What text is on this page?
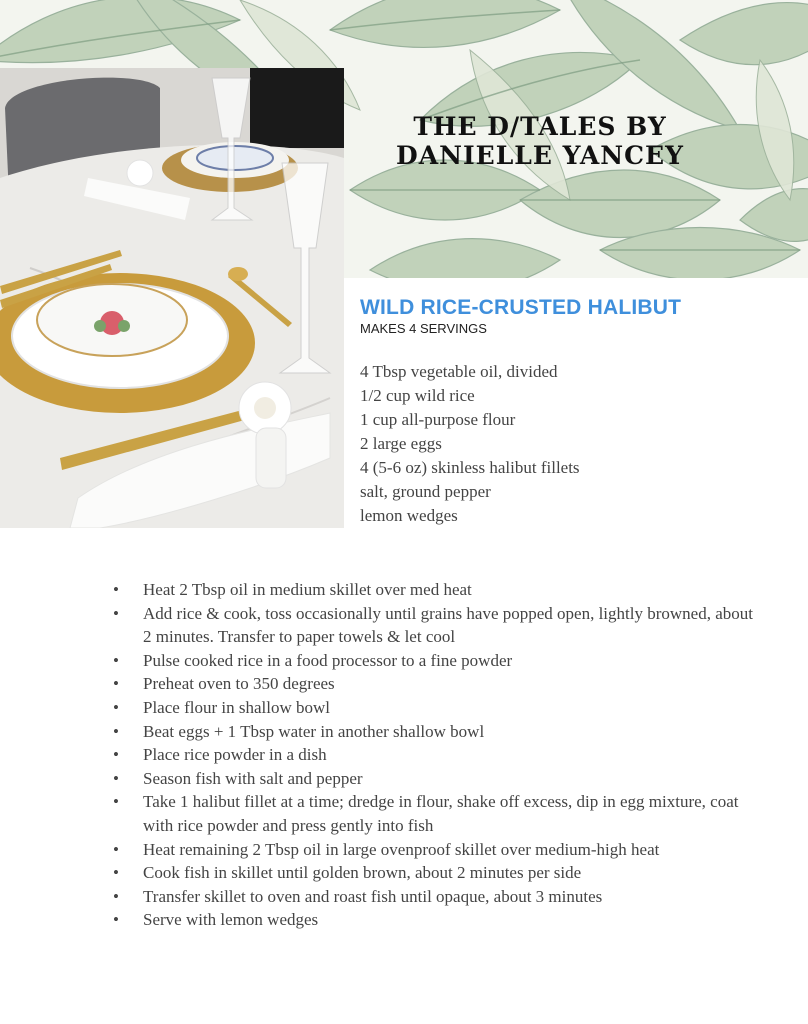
THE D/TALES BY
DANIELLE YANCEY
WILD RICE-CRUSTED HALIBUT
MAKES 4 SERVINGS
4 Tbsp vegetable oil, divided
1/2 cup wild rice
1 cup all-purpose flour
2 large eggs
4 (5-6 oz) skinless halibut fillets
salt, ground pepper
lemon wedges
• Heat 2 Tbsp oil in medium skillet over med heat
• Add rice & cook, toss occasionally until grains have popped open, lightly browned, about 2 minutes. Transfer to paper towels & let cool
• Pulse cooked rice in a food processor to a fine powder
• Preheat oven to 350 degrees
• Place flour in shallow bowl
• Beat eggs + 1 Tbsp water in another shallow bowl
• Place rice powder in a dish
• Season fish with salt and pepper
• Take 1 halibut fillet at a time; dredge in flour, shake off excess, dip in egg mixture, coat with rice powder and press gently into fish
• Heat remaining 2 Tbsp oil in large ovenproof skillet over medium-high heat
• Cook fish in skillet until golden brown, about 2 minutes per side
• Transfer skillet to oven and roast fish until opaque, about 3 minutes
• Serve with lemon wedges
